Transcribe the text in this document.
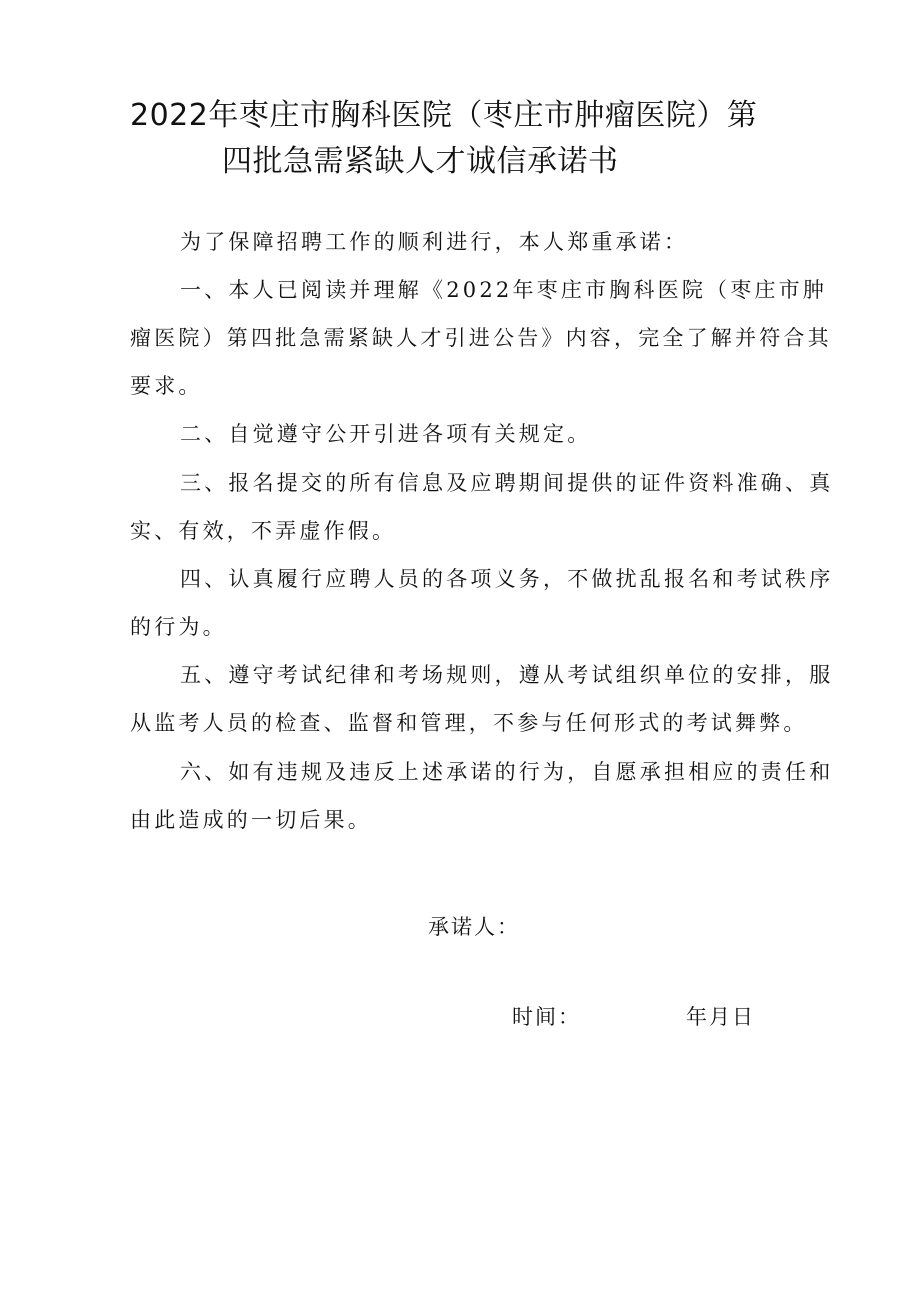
2022年枣庄市胸科医院（枣庄市肿瘤医院）第
四批急需紧缺人才诚信承诺书
为了保障招聘工作的顺利进行，本人郑重承诺：
一、本人已阅读并理解《2022年枣庄市胸科医院（枣庄市肿
瘤医院）第四批急需紧缺人才引进公告》内容，完全了解并符合其
要求。
二、自觉遵守公开引进各项有关规定。
三、报名提交的所有信息及应聘期间提供的证件资料准确、真
实、有效，不弄虚作假。
四、认真履行应聘人员的各项义务，不做扰乱报名和考试秩序
的行为。
五、遵守考试纪律和考场规则，遵从考试组织单位的安排，服
从监考人员的检查、监督和管理，不参与任何形式的考试舞弊。
六、如有违规及违反上述承诺的行为，自愿承担相应的责任和
由此造成的一切后果。
承诺人：
时间：	年月日
